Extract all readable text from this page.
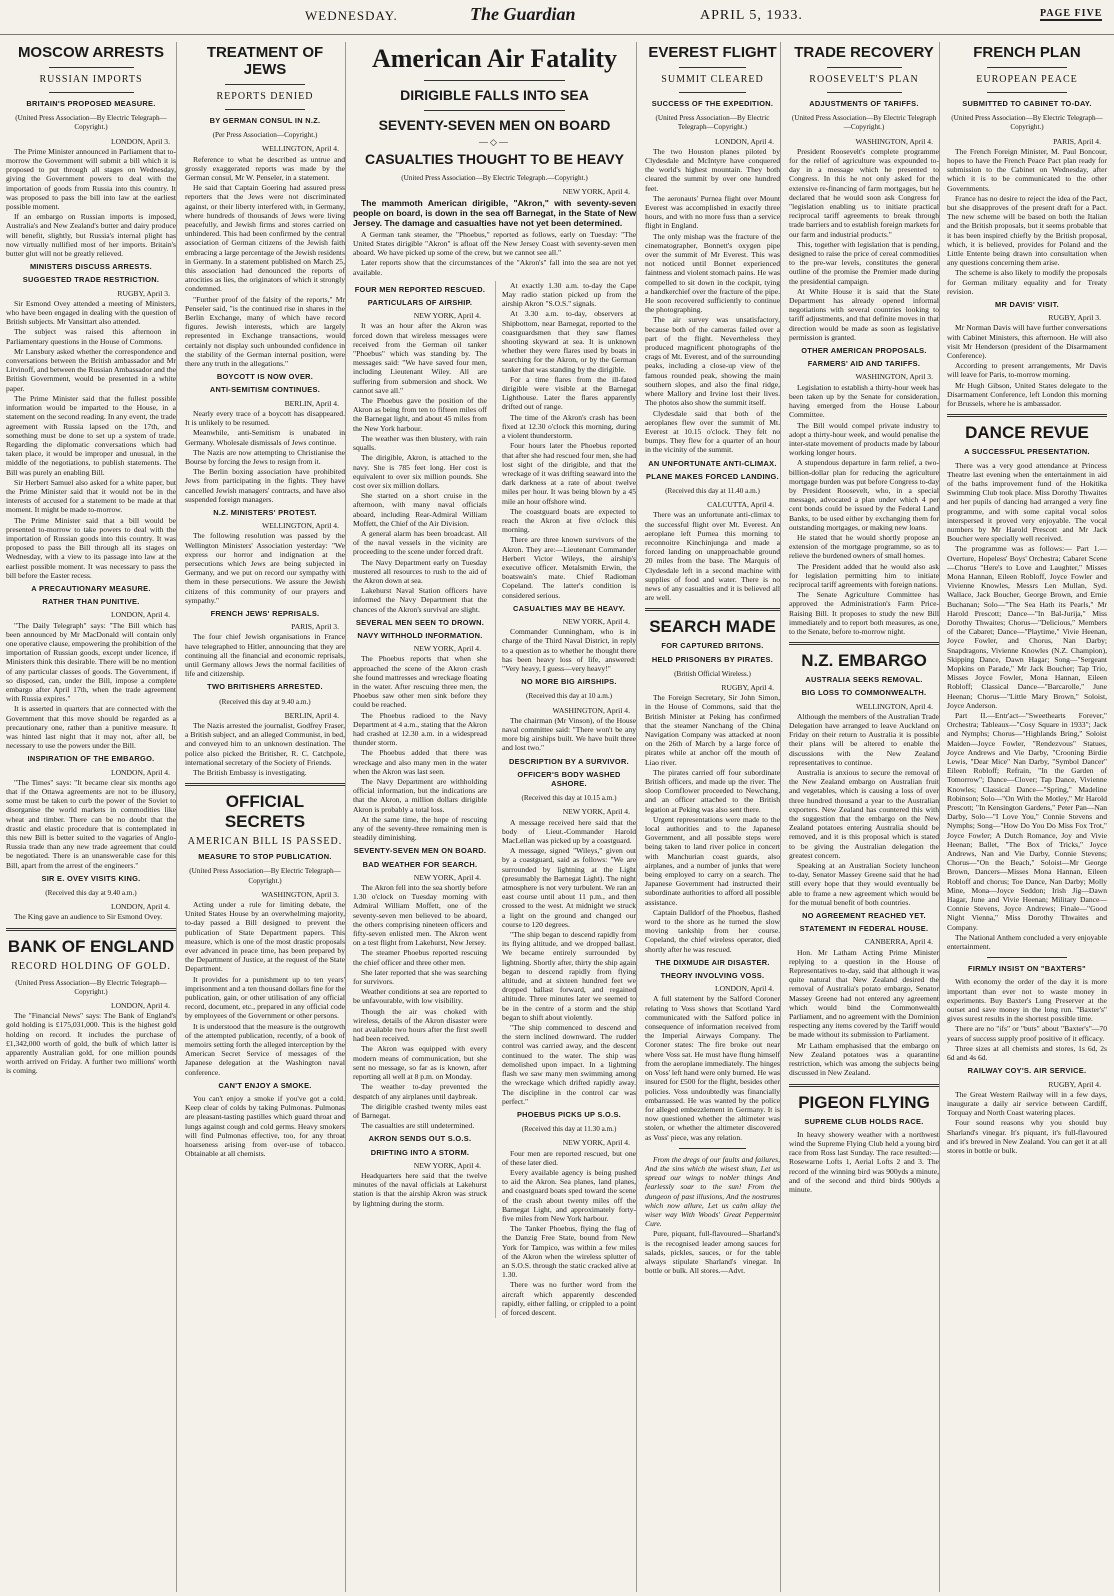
WEDNESDAY.	The Guardian	APRIL 5, 1933.	PAGE FIVE
MOSCOW ARRESTS
RUSSIAN IMPORTS
BRITAIN'S PROPOSED MEASURE.
(United Press Association—By Electric Telegraph—Copyright.)
LONDON, April 3.

The Prime Minister announced in Parliament that to-morrow the Government will submit a bill which it is proposed to put through all stages on Wednesday, giving the Government powers to deal with the importation of goods from Russia into this country. It was proposed to pass the bill into law at the earliest possible moment.

If an embargo on Russian imports is imposed, Australia's and New Zealand's butter and dairy produce will benefit, slightly, but Russia's internal plight has now virtually nullified most of her imports. Britain's butter glut will not be greatly relieved.

MINISTERS DISCUSS ARRESTS.
SUGGESTED TRADE RESTRICTION.
RUGBY, April 3.

Sir Esmond Ovey attended a meeting of Ministers, who have been engaged in dealing with the question of British subjects. Mr Vansittart also attended.

The subject was raised this afternoon in Parliamentary questions in the House of Commons.

Mr Lansbury asked whether the correspondence and conversations between the British ambassador and Mr Litvinoff, and between the Russian Ambassador and the British Government, would be presented in a white paper.

The Prime Minister said that the fullest possible information would be imparted to the House, in a statement on the second reading. In any event, the trade agreement with Russia lapsed on the 17th, and something must be done to set up a system of trade. Regarding the diplomatic conversations which had taken place, it would be improper and unusual, in the middle of the negotiations, to publish statements. The Bill was purely an enabling Bill.

Sir Herbert Samuel also asked for a white paper, but the Prime Minister said that it would not be in the interests of accused for a statement to be made at that moment. It might be made to-morrow.

The Prime Minister said that a bill would be presented to-morrow to take powers to deal with the importation of Russian goods into this country. It was proposed to pass the Bill through all its stages on Wednesday, with a view to its passage into law at the earliest possible moment. It was necessary to pass the bill before the Easter recess.

A PRECAUTIONARY MEASURE.
RATHER THAN PUNITIVE.
LONDON, April 4.

"The Daily Telegraph" says: "The Bill which has been announced by Mr MacDonald will contain only one operative clause, empowering the prohibition of the importation of Russian goods, except under licence, if Ministers think this desirable. There will be no mention of any particular classes of goods. The Government, if so disposed, can, under the Bill, impose a complete embargo after April 17th, when the trade agreement with Russia expires."

It is asserted in quarters that are connected with the Government that this move should be regarded as a precautionary one, rather than a punitive measure. It was hinted last night that it may not, after all, be necessary to use the powers under the Bill.

INSPIRATION OF THE EMBARGO.
LONDON, April 4.

"The Times" says: "It became clear six months ago that if the Ottawa agreements are not to be illusory, some must be taken to curb the power of the Soviet to disorganise the world markets in commodities like wheat and timber. There can be no doubt that the drastic and elastic procedure that is contemplated in this new Bill is better suited to the vagaries of Anglo-Russia trade than any new trade agreement that could be negotiated. There is an unanswerable case for this Bill, apart from the arrest of the engineers."

SIR E. OVEY VISITS KING.
(Received this day at 9.40 a.m.)
LONDON, April 4.

The King gave an audience to Sir Esmond Ovey.

BANK OF ENGLAND
RECORD HOLDING OF GOLD.
(United Press Association—By Electric Telegraph—Copyright.)
LONDON, April 4.

The "Financial News" says: The Bank of England's gold holding is £175,031,000. This is the highest gold holding on record. It includes the purchase of £1,342,000 worth of gold, the bulk of which latter is apparently Australian gold, for one million pounds worth arrived on Friday. A further two millions' worth is coming.

TREATMENT OF JEWS
REPORTS DENIED
BY GERMAN CONSUL IN N.Z.
(Per Press Association—Copyright.)
WELLINGTON, April 4.

Reference to what he described as untrue and grossly exaggerated reports was made by the German consul, Mr W. Penseler, in a statement.

He said that Captain Goering had assured press reporters that the Jews were not discriminated against, or their liberty interfered with, in Germany, where hundreds of thousands of Jews were living peacefully, and Jewish firms and stores carried on unhindered. This had been confirmed by the central association of German citizens of the Jewish faith embracing a large percentage of the Jewish residents in Germany. In a statement published on March 25, this association had denounced the reports of atrocities as lies, the originators of which it strongly condemned.

"Further proof of the falsity of the reports," Mr Penseler said, "is the continued rise in shares in the Berlin Exchange, many of which have record figures. Jewish interests, which are largely represented in Exchange transactions, would certainly not display such unbounded confidence in the stability of the German internal position, were there any truth in the allegations."

BOYCOTT IS NOW OVER.
ANTI-SEMITISM CONTINUES.
BERLIN, April 4.

Nearly every trace of a boycott has disappeared. It is unlikely to be resumed.

Meanwhile, anti-Semitism is unabated in Germany. Wholesale dismissals of Jews continue.

The Nazis are now attempting to Christianise the Bourse by forcing the Jews to resign from it.

The Berlin boxing association have prohibited Jews from participating in the fights. They have cancelled Jewish managers' contracts, and have also suspended foreign managers.

N.Z. MINISTERS' PROTEST.
WELLINGTON, April 4.

The following resolution was passed by the Wellington Ministers' Association yesterday: "We express our horror and indignation at the persecutions which Jews are being subjected in Germany, and we put on record our sympathy with them in these persecutions. We assure the Jewish citizens of this community of our prayers and sympathy."

FRENCH JEWS' REPRISALS.
PARIS, April 3.

The four chief Jewish organisations in France have telegraphed to Hitler, announcing that they are continuing all the financial and economic reprisals, until Germany allows Jews the normal facilities of life and citizenship.

TWO BRITISHERS ARRESTED.
(Received this day at 9.40 a.m.)
BERLIN, April 4.

The Nazis arrested the journalist, Godfrey Fraser, a British subject, and an alleged Communist, in bed, and conveyed him to an unknown destination. The police also picked the Britisher, R. C. Catchpole, international secretary of the Society of Friends.

The British Embassy is investigating.

OFFICIAL SECRETS
AMERICAN BILL IS PASSED.
MEASURE TO STOP PUBLICATION.
(United Press Association—By Electric Telegraph—Copyright.)
WASHINGTON, April 3.

Acting under a rule for limiting debate, the United States House by an overwhelming majority, to-day passed a Bill designed to prevent the publication of State Department papers. This measure, which is one of the most drastic proposals ever advanced in peace time, has been prepared by the Department of Justice, at the request of the State Department.

It provides for a punishment up to ten years' imprisonment and a ten thousand dollars fine for the publication, gain, or other utilisation of any official record, document, etc., prepared in any official code by employees of the Government or other persons.

It is understood that the measure is the outgrowth of the attempted publication, recently, of a book of memoirs setting forth the alleged interception by the American Secret Service of messages of the Japanese delegation at the Washington naval conference.

CAN'T ENJOY A SMOKE.

You can't enjoy a smoke if you've got a cold. Keep clear of colds by taking Pulmonas. Pulmonas are pleasant-tasting pastilles which guard throat and lungs against cough and cold germs. Heavy smokers will find Pulmonas effective, too, for any throat hoarseness arising from over-use of tobacco. Obtainable at all chemists.

American Air Fatality
DIRIGIBLE FALLS INTO SEA
SEVENTY-SEVEN MEN ON BOARD
—◇—
CASUALTIES THOUGHT TO BE HEAVY
(United Press Association—By Electric Telegraph.—Copyright.)
NEW YORK, April 4.

The mammoth American dirigible, "Akron," with seventy-seven people on board, is down in the sea off Barnegat, in the State of New Jersey. The damage and casualties have not yet been determined.

A German tank steamer, the "Phoebus," reported as follows, early on Tuesday: "The United States dirigible "Akron" is afloat off the New Jersey Coast with seventy-seven men aboard. We have picked up some of the crew, but we cannot see all."

Later reports show that the circumstances of the "Akron's" fall into the sea are not yet available.

FOUR MEN REPORTED RESCUED.
PARTICULARS OF AIRSHIP.
NEW YORK, April 4.

It was an hour after the Akron was forced down that wireless messages were received from the German oil tanker "Phoebus" which was standing by. The messages said: "We have saved four men, including Lieutenant Wiley. All are suffering from submersion and shock. We cannot save all."

The Phoebus gave the position of the Akron as being from ten to fifteen miles off the Barnegat light, and about 45 miles from the New York harbour.

The weather was then blustery, with rain squalls.

The dirigible, Akron, is attached to the navy. She is 785 feet long. Her cost is equivalent to over six million pounds. She cost over six million dollars.

She started on a short cruise in the afternoon, with many naval officials aboard, including Rear-Admiral William Moffett, the Chief of the Air Division.

A general alarm has been broadcast. All of the naval vessels in the vicinity are proceeding to the scene under forced draft.

The Navy Department early on Tuesday mustered all resources to rush to the aid of the Akron down at sea.

Lakehurst Naval Station officers have informed the Navy Department that the chances of the Akron's survival are slight.

SEVERAL MEN SEEN TO DROWN.
NAVY WITHHOLD INFORMATION.
NEW YORK, April 4.

The Phoebus reports that when she approached the scene of the Akron crash she found mattresses and wreckage floating in the water. After rescuing three men, the Phoebus saw other men sink before they could be reached.

The Phoebus radioed to the Navy Department at 4 a.m., stating that the Akron had crashed at 12.30 a.m. in a widespread thunder storm.

The Phoebus added that there was wreckage and also many men in the water when the Akron was last seen.

The Navy Department are withholding official information, but the indications are that the Akron, a million dollars dirigible Akron is probably a total loss.

At the same time, the hope of rescuing any of the seventy-three remaining men is steadily diminishing.

SEVENTY-SEVEN MEN ON BOARD.
BAD WEATHER FOR SEARCH.
NEW YORK, April 4.

The Akron fell into the sea shortly before 1.30 o'clock on Tuesday morning with Admiral William Moffett, one of the seventy-seven men believed to be aboard, the others comprising nineteen officers and fifty-seven enlisted men. The Akron went on a test flight from Lakehurst, New Jersey.

The steamer Phoebus reported rescuing the chief officer and three other men.

She later reported that she was searching for survivors.

Weather conditions at sea are reported to be unfavourable, with low visibility.

Though the air was choked with wireless, details of the Akron disaster were not available two hours after the first swell had been received.

The Akron was equipped with every modern means of communication, but she sent no message, so far as is known, after reporting all well at 8 p.m. on Monday.

The weather to-day prevented the despatch of any airplanes until daybreak.

The dirigible crashed twenty miles east of Barnegat.

The casualties are still undetermined.

AKRON SENDS OUT S.O.S.
DRIFTING INTO A STORM.
NEW YORK, April 4.

Headquarters here said that the twelve minutes of the naval officials at Lakehurst station is that the airship Akron was struck by lightning during the storm.

At exactly 1.30 a.m. to-day the Cape May radio station picked up from the airship Akron "S.O.S." signals.

At 3.30 a.m. to-day, observers at Shipbottom, near Barnegat, reported to the coastguardsmen that they saw flames shooting skyward at sea. It is unknown whether they were flares used by boats in searching for the Akron, or by the German tanker that was standing by the dirigible.

For a time flares from the ill-fated dirigible were visible at the Barnegat Lighthouse. Later the flares apparently drifted out of range.

The time of the Akron's crash has been fixed at 12.30 o'clock this morning, during a violent thunderstorm.

Four hours later the Phoebus reported that after she had rescued four men, she had lost sight of the dirigible, and that the wreckage of it was drifting seaward into the dark darkness at a rate of about twelve miles per hour. It was being blown by a 45 mile an hour offshore wind.

The coastguard boats are expected to reach the Akron at five o'clock this morning.

There are three known survivors of the Akron. They are:—Lieutenant Commander Herbert Victor Wileys, the airship's executive officer. Metalsmith Erwin, the boatswain's mate. Chief Radioman Copeland. The latter's condition is considered serious.

CASUALTIES MAY BE HEAVY.
NEW YORK, April 4.

Commander Cunningham, who is in charge of the Third Naval District, in reply to a question as to whether he thought there has been heavy loss of life, answered: "Very heavy, I guess—very heavy!"

NO MORE BIG AIRSHIPS.
(Received this day at 10 a.m.)
WASHINGTON, April 4.

The chairman (Mr Vinson), of the House naval committee said: "There won't be any more big airships built. We have built three and lost two."

DESCRIPTION BY A SURVIVOR.
OFFICER'S BODY WASHED ASHORE.
(Received this day at 10.15 a.m.)
NEW YORK, April 4.

A message received here said that the body of Lieut.-Commander Harold MacLellan was picked up by a coastguard.

A message, signed "Wileys," given out by a coastguard, said as follows: "We are surrounded by lightning at the Light (presumably the Barnegat Light). The night atmosphere is not very turbulent. We ran an east course until about 11 p.m., and then crossed to the west. At midnight we struck a light on the ground and changed our course to 120 degrees.

"The ship began to descend rapidly from its flying altitude, and we dropped ballast. We became entirely surrounded by lightning. Shortly after, thirty the ship again began to descend rapidly from flying altitude, and at sixteen hundred feet we dropped ballast forward, and regained altitude. Three minutes later we seemed to be in the centre of a storm and the ship began to shift about violently.

"The ship commenced to descend and the stern inclined downward. The rudder control was carried away, and the descent continued to the water. The ship was demolished upon impact. In a lightning flash we saw many men swimming among the wreckage which drifted rapidly away. The discipline in the control car was perfect."

PHOEBUS PICKS UP S.O.S.
(Received this day at 11.30 a.m.)
NEW YORK, April 4.

Four men are reported rescued, but one of these later died.

Every available agency is being pushed to aid the Akron. Sea planes, land planes, and coastguard boats sped toward the scene of the crash about twenty miles off the Barnegat Light, and approximately forty-five miles from New York harbour.

The Tanker Phoebus, flying the flag of the Danzig Free State, bound from New York for Tampico, was within a few miles of the Akron when the wireless splutter of an S.O.S. through the static cracked alive at 1.30.

There was no further word from the aircraft which apparently descended rapidly, either falling, or crippled to a point of forced descent.

EVEREST FLIGHT
SUMMIT CLEARED
SUCCESS OF THE EXPEDITION.
(United Press Association—By Electric Telegraph—Copyright.)
LONDON, April 4.

The two Houston planes piloted by Clydesdale and McIntyre have conquered the world's highest mountain. They both cleared the summit by over one hundred feet.

The aeronauts' Purnea flight over Mount Everest was accomplished in exactly three hours, and with no more fuss than a service flight in England.

The only mishap was the fracture of the cinematographer, Bonnett's oxygen pipe over the summit of Mr Everest. This was not noticed until Bonnet experienced faintness and violent stomach pains. He was compelled to sit down in the cockpit, tying a handkerchief over the fracture of the pipe. He soon recovered sufficiently to continue the photographing.

The air survey was unsatisfactory, because both of the cameras failed over a part of the flight. Nevertheless they produced magnificent photographs of the crags of Mt. Everest, and of the surrounding peaks, including a close-up view of the famous rounded peak, showing the main southern slopes, and also the final ridge, where Mallory and Irvine lost their lives. The photos also show the summit itself.

Clydesdale said that both of the aeroplanes flew over the summit of Mt. Everest at 10.15 o'clock. They felt no bumps. They flew for a quarter of an hour in the vicinity of the summit.

AN UNFORTUNATE ANTI-CLIMAX.
PLANE MAKES FORCED LANDING.
(Received this day at 11.40 a.m.)
CALCUTTA, April 4.

There was an unfortunate anti-climax to the successful flight over Mt. Everest. An aeroplane left Purnea this morning to reconnoitre Kinchinjunga and made a forced landing on unapproachable ground 20 miles from the base. The Marquis of Clydesdale left in a second machine with supplies of food and water. There is no news of any casualties and it is believed all are well.

SEARCH MADE
FOR CAPTURED BRITONS.
HELD PRISONERS BY PIRATES.
(British Official Wireless.)
RUGBY, April 4.

The Foreign Secretary, Sir John Simon, in the House of Commons, said that the British Minister at Peking has confirmed that the steamer Nanchang of the China Navigation Company was attacked at noon on the 26th of March by a large force of pirates while at anchor off the mouth of Liao river.

The pirates carried off four subordinate British officers, and made up the river. The sloop Cornflower proceeded to Newchang, and an officer attached to the British legation at Peking was also sent there.

Urgent representations were made to the local authorities and to the Japanese Government, and all possible steps were being taken to land river police in concert with Manchurian coast guards, also airplanes, and a number of junks that were being employed to carry on a search. The Japanese Government had instructed their subordinate authorities to afford all possible assistance.

Captain Dalldorf of the Phoebus, flashed word to the shore as he turned the slow moving tankship from her course. Copeland, the chief wireless operator, died shortly after he was rescued.

THE DIXMUDE AIR DISASTER.
THEORY INVOLVING VOSS.
LONDON, April 4.

A full statement by the Salford Coroner relating to Voss shows that Scotland Yard communicated with the Salford police in consequence of information received from the Imperial Airways Company. The Coroner states: The fire broke out near where Voss sat. He must have flung himself from the aeroplane immediately. The hinges on Voss' left hand were only burned. He was insured for £500 for the flight, besides other policies. Voss undoubtedly was financially embarrassed. He was wanted by the police for alleged embezzlement in Germany. It is now questioned whether the altimeter was stolen, or whether the altimeter discovered as Voss' piece, was any relation.

From the dregs of our faults and failures, And the sins which the wisest shun, Let us spread our wings to nobler things And fearlessly soar to the sun! From the dungeon of past illusions, And the nostrums which now allure, Let us calm allay the wiser way With Woods' Great Peppermint Cure.

Pure, piquant, full-flavoured—Sharland's is the recognised leader among sauces for salads, pickles, sauces, or for the table always stipulate Sharland's vinegar. In bottle or bulk. All stores.—Advt.

TRADE RECOVERY
ROOSEVELT'S PLAN
ADJUSTMENTS OF TARIFFS.
(United Press Association—By Electric Telegraph—Copyright.)
WASHINGTON, April 4.

President Roosevelt's complete programme for the relief of agriculture was expounded to-day in a message which he presented to Congress. In this he not only asked for the extensive re-financing of farm mortgages, but he declared that he would soon ask Congress for "legislation enabling us to initiate practical reciprocal tariff agreements to break through trade barriers and to establish foreign markets for our farm and industrial products."

This, together with legislation that is pending, designed to raise the price of cereal commodities to the pre-war levels, constitutes the general outline of the promise the Premier made during the presidential campaign.

At White House it is said that the State Department has already opened informal negotiations with several countries looking to tariff adjustments, and that definite moves in that direction would be made as soon as legislative permission is granted.

OTHER AMERICAN PROPOSALS.
FARMERS' AID AND TARIFFS.
WASHINGTON, April 3.

Legislation to establish a thirty-hour week has been taken up by the Senate for consideration, having emerged from the House Labour Committee.

The Bill would compel private industry to adopt a thirty-hour week, and would penalise the inter-state movement of products made by labour working longer hours.

A stupendous departure in farm relief, a two-billion-dollar plan for reducing the agriculture mortgage burden was put before Congress to-day by President Roosevelt, who, in a special message, advocated a plan under which 4 per cent bonds could be issued by the Federal Land Banks, to be used either by exchanging them for outstanding mortgages, or making new loans.

He stated that he would shortly propose an extension of the mortgage programme, so as to relieve the burdened owners of small homes.

The President added that he would also ask for legislation permitting him to initiate reciprocal tariff agreements with foreign nations.

The Senate Agriculture Committee has approved the Administration's Farm Price-Raising Bill. It proposes to study the new Bill immediately and to report both measures, as one, to the Senate, before to-morrow night.

N.Z. EMBARGO
AUSTRALIA SEEKS REMOVAL.
BIG LOSS TO COMMONWEALTH.
WELLINGTON, April 4.

Although the members of the Australian Trade Delegation have arranged to leave Auckland on Friday on their return to Australia it is possible their plans will be altered to enable the discussions with the New Zealand representatives to continue.

Australia is anxious to secure the removal of the New Zealand embargo on Australian fruit and vegetables, which is causing a loss of over three hundred thousand a year to the Australian exporters. New Zealand has countered this with the suggestion that the embargo on the New Zealand potatoes entering Australia should be removed, and it is this proposal which is stated to be giving the Australian delegation the greatest concern.

Speaking at an Australian Society luncheon to-day, Senator Massey Greene said that he had still every hope that they would eventually be able to frame a new agreement which would be for the mutual benefit of both countries.

NO AGREEMENT REACHED YET.
STATEMENT IN FEDERAL HOUSE.
CANBERRA, April 4.

Hon. Mr Latham Acting Prime Minister replying to a question in the House of Representatives to-day, said that although it was quite natural that New Zealand desired the removal of Australia's potato embargo, Senator Massey Greene had not entered any agreement which would bind the Commonwealth Parliament, and no agreement with the Dominion respecting any items covered by the Tariff would be made without its submission to Parliament.

Mr Latham emphasised that the embargo on New Zealand potatoes was a quarantine restriction, which was among the subjects being discussed in New Zealand.

PIGEON FLYING
SUPREME CLUB HOLDS RACE.

In heavy showery weather with a northwest wind the Supreme Flying Club held a young bird race from Ross last Sunday. The race resulted:— Rosewarne Lofts 1, Aerial Lofts 2 and 3. The record of the winning bird was 900yds a minute, and of the second and third birds 900yds a minute.

FRENCH PLAN
EUROPEAN PEACE
SUBMITTED TO CABINET TO-DAY.
(United Press Association—By Electric Telegraph—Copyright.)
PARIS, April 4.

The French Foreign Minister, M. Paul Boncour, hopes to have the French Peace Pact plan ready for submission to the Cabinet on Wednesday, after which it is to be communicated to the other Governments.

France has no desire to reject the idea of the Pact, but she disapproves of the present draft for a Pact. The new scheme will be based on both the Italian and the British proposals, but it seems probable that it has been inspired chiefly by the British proposal, which, it is believed, provides for Poland and the Little Entente being drawn into consultation when any questions concerning them arise.

The scheme is also likely to modify the proposals for German military equality and for Treaty revision.

MR DAVIS' VISIT.
RUGBY, April 3.

Mr Norman Davis will have further conversations with Cabinet Ministers, this afternoon. He will also visit Mr Henderson (president of the Disarmament Conference).

According to present arrangements, Mr Davis will leave for Paris, to-morrow morning.

Mr Hugh Gibson, United States delegate to the Disarmament Conference, left London this morning for Brussels, where he is ambassador.

DANCE REVUE
A SUCCESSFUL PRESENTATION.

There was a very good attendance at Princess Theatre last evening when the entertainment in aid of the baths improvement fund of the Hokitika Swimming Club took place. Miss Dorothy Thwaites and her pupils of dancing had arranged a very fine programme, and with some capital vocal solos interspersed it proved very enjoyable. The vocal numbers by Mr Harold Prescott and Mr Jack Boucher were specially well received.

The programme was as follows:— Part 1.—Overture, Hopeless' Boys' Orchestra; Cabaret Scene—Chorus "Here's to Love and Laughter," Misses Mona Hannan, Eileen Robloff, Joyce Fowler and Vivienne Knowles, Messrs Len Mullan, Syd. Wallace, Jack Boucher, George Brown, and Ernie Buchanan; Solo—"The Sea Hath its Pearls," Mr Harold Prescott; Dance—"In Bal-Jurija," Miss Dorothy Thwaites; Chorus—"Delicious," Members of the Cabaret; Dance—"Playtime," Vivie Heenan, Joyce Fowler, and Chorus, Nan Darby; Snapdragons, Vivienne Knowles (N.Z. Champion), Skipping Dance, Dawn Hagar; Song—"Sergeant Mopkins on Parade," Mr Jack Boucher; Tap Trio, Misses Joyce Fowler, Mona Hannan, Eileen Robloff; Classical Dance—"Barcarolle," June Heenan; Chorus—"Little Mary Brown," Soloist, Joyce Anderson.

Part II.—Entr'act—"Sweethearts Forever," Orchestra; Tableaux—"Cosy Square in 1933"; Jack and Nymphs; Chorus—"Highlands Bring," Soloist Maiden—Joyce Fowler, "Rendezvous" Statues, Joyce Andrews and Vie Darby, "Crooning Birdie Lewis, "Dear Mice" Nan Darby, "Symbol Dancer" Eileen Robloff; Refrain, "In the Garden of Tomorrow"; Dance—Clover; Tap Dance, Vivienne Knowles; Classical Dance—"Spring," Madeline Robinson; Solo—"On With the Motley," Mr Harold Prescott; "In Kensington Gardens," Peter Pan—Nan Darby, Solo—"I Love You," Connie Stevens and Nymphs; Song—"How Do You Do Miss Fox Trot," Joyce Fowler; A Dutch Romance, Joy and Vivie Heenan; Ballet, "The Box of Tricks," Joyce Andrews, Nan and Vie Darby, Connie Stevens; Chorus—"On the Beach," Soloist—Mr George Brown, Dancers—Misses Mona Hannan, Eileen Robloff and chorus; Toe Dance, Nan Darby; Molly Mine, Mona—Joyce Seddon; Irish Jig—Dawn Hagar, June and Vivie Heenan; Military Dance—Connie Stevens, Joyce Andrews; Finale—"Good Night Vienna," Miss Dorothy Thwaites and Company.

The National Anthem concluded a very enjoyable entertainment.

FIRMLY INSIST ON "BAXTERS"

With economy the order of the day it is more important than ever not to waste money in experiments. Buy Baxter's Lung Preserver at the outset and save money in the long run. "Baxter's" gives surest results in the shortest possible time.

There are no "ifs" or "buts" about "Baxter's"—70 years of success supply proof positive of it efficacy.

Three sizes at all chemists and stores, 1s 6d, 2s 6d and 4s 6d.

RAILWAY COY'S. AIR SERVICE.
RUGBY, April 4.

The Great Western Railway will in a few days, inaugurate a daily air service between Cardiff, Torquay and North Coast watering places.

Four sound reasons why you should buy Sharland's vinegar. It's piquant, it's full-flavoured and it's brewed in New Zealand. You can get it at all stores in bottle or bulk.
